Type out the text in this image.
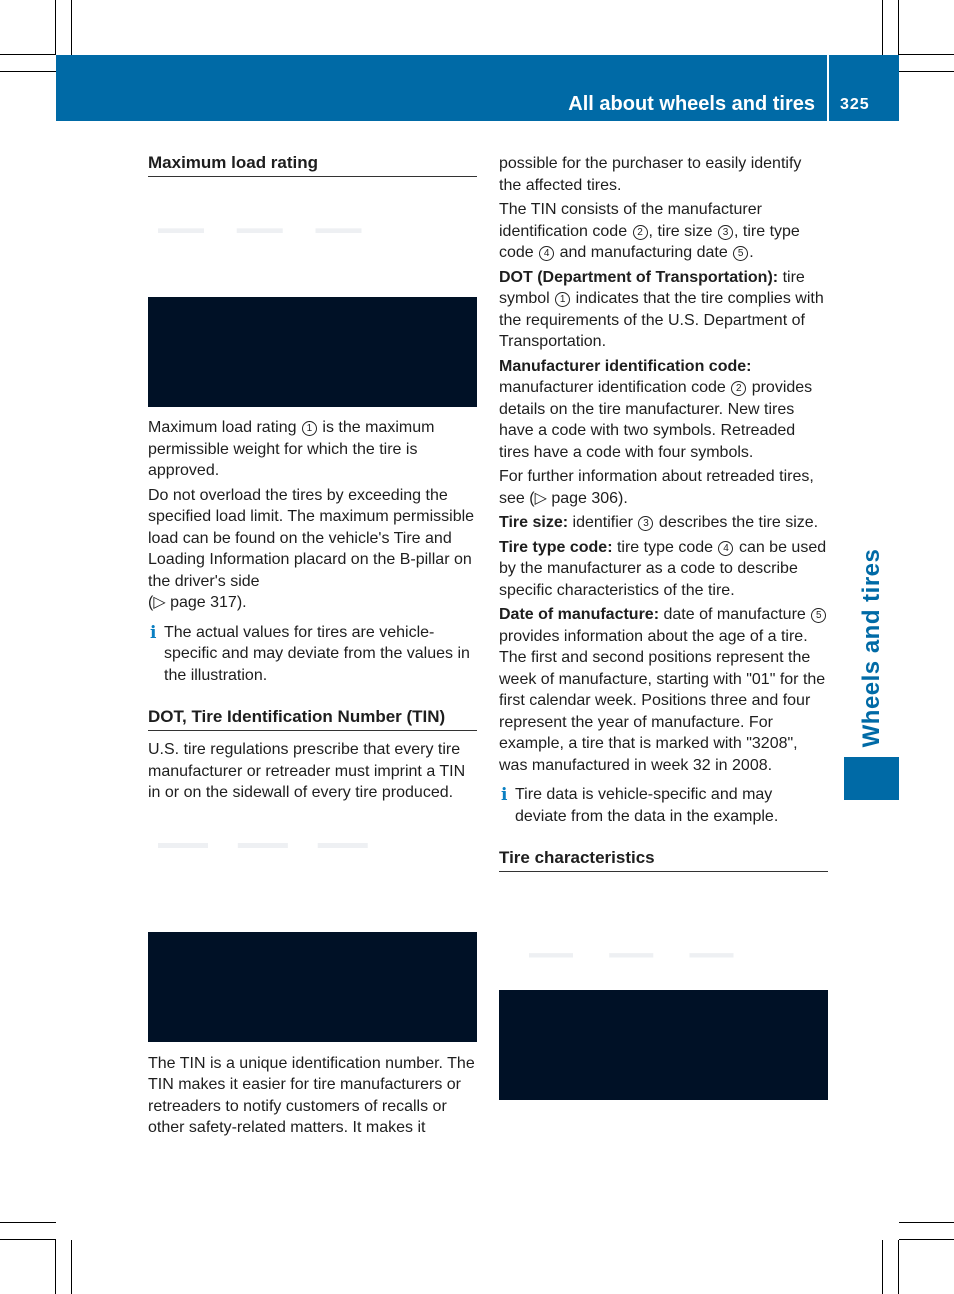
All about wheels and tires 325
Wheels and tires
Maximum load rating
— — —

Maximum load rating 1 is the maximum permissible weight for which the tire is approved.

Do not overload the tires by exceeding the specified load limit. The maximum permissible load can be found on the vehicle's Tire and Loading Information placard on the B-pillar on the driver's side
(▷ page 317).

i The actual values for tires are vehicle-specific and may deviate from the values in the illustration.

DOT, Tire Identification Number (TIN)

U.S. tire regulations prescribe that every tire manufacturer or retreader must imprint a TIN in or on the sidewall of every tire produced.

— — —

The TIN is a unique identification number. The TIN makes it easier for tire manufacturers or retreaders to notify customers of recalls or other safety-related matters. It makes it

possible for the purchaser to easily identify the affected tires.

The TIN consists of the manufacturer identification code 2 , tire size 3 , tire type code 4 and manufacturing date 5 .

DOT (Department of Transportation): tire symbol 1 indicates that the tire complies with the requirements of the U.S. Department of Transportation.

Manufacturer identification code:
manufacturer identification code 2 provides details on the tire manufacturer. New tires have a code with two symbols. Retreaded tires have a code with four symbols.

For further information about retreaded tires, see (▷ page 306).

Tire size: identifier 3 describes the tire size.

Tire type code: tire type code 4 can be used by the manufacturer as a code to describe specific characteristics of the tire.

Date of manufacture: date of manufacture 5 provides information about the age of a tire. The first and second positions represent the week of manufacture, starting with "01" for the first calendar week. Positions three and four represent the year of manufacture. For example, a tire that is marked with "3208", was manufactured in week 32 in 2008.

i Tire data is vehicle-specific and may deviate from the data in the example.

Tire characteristics
— — —
